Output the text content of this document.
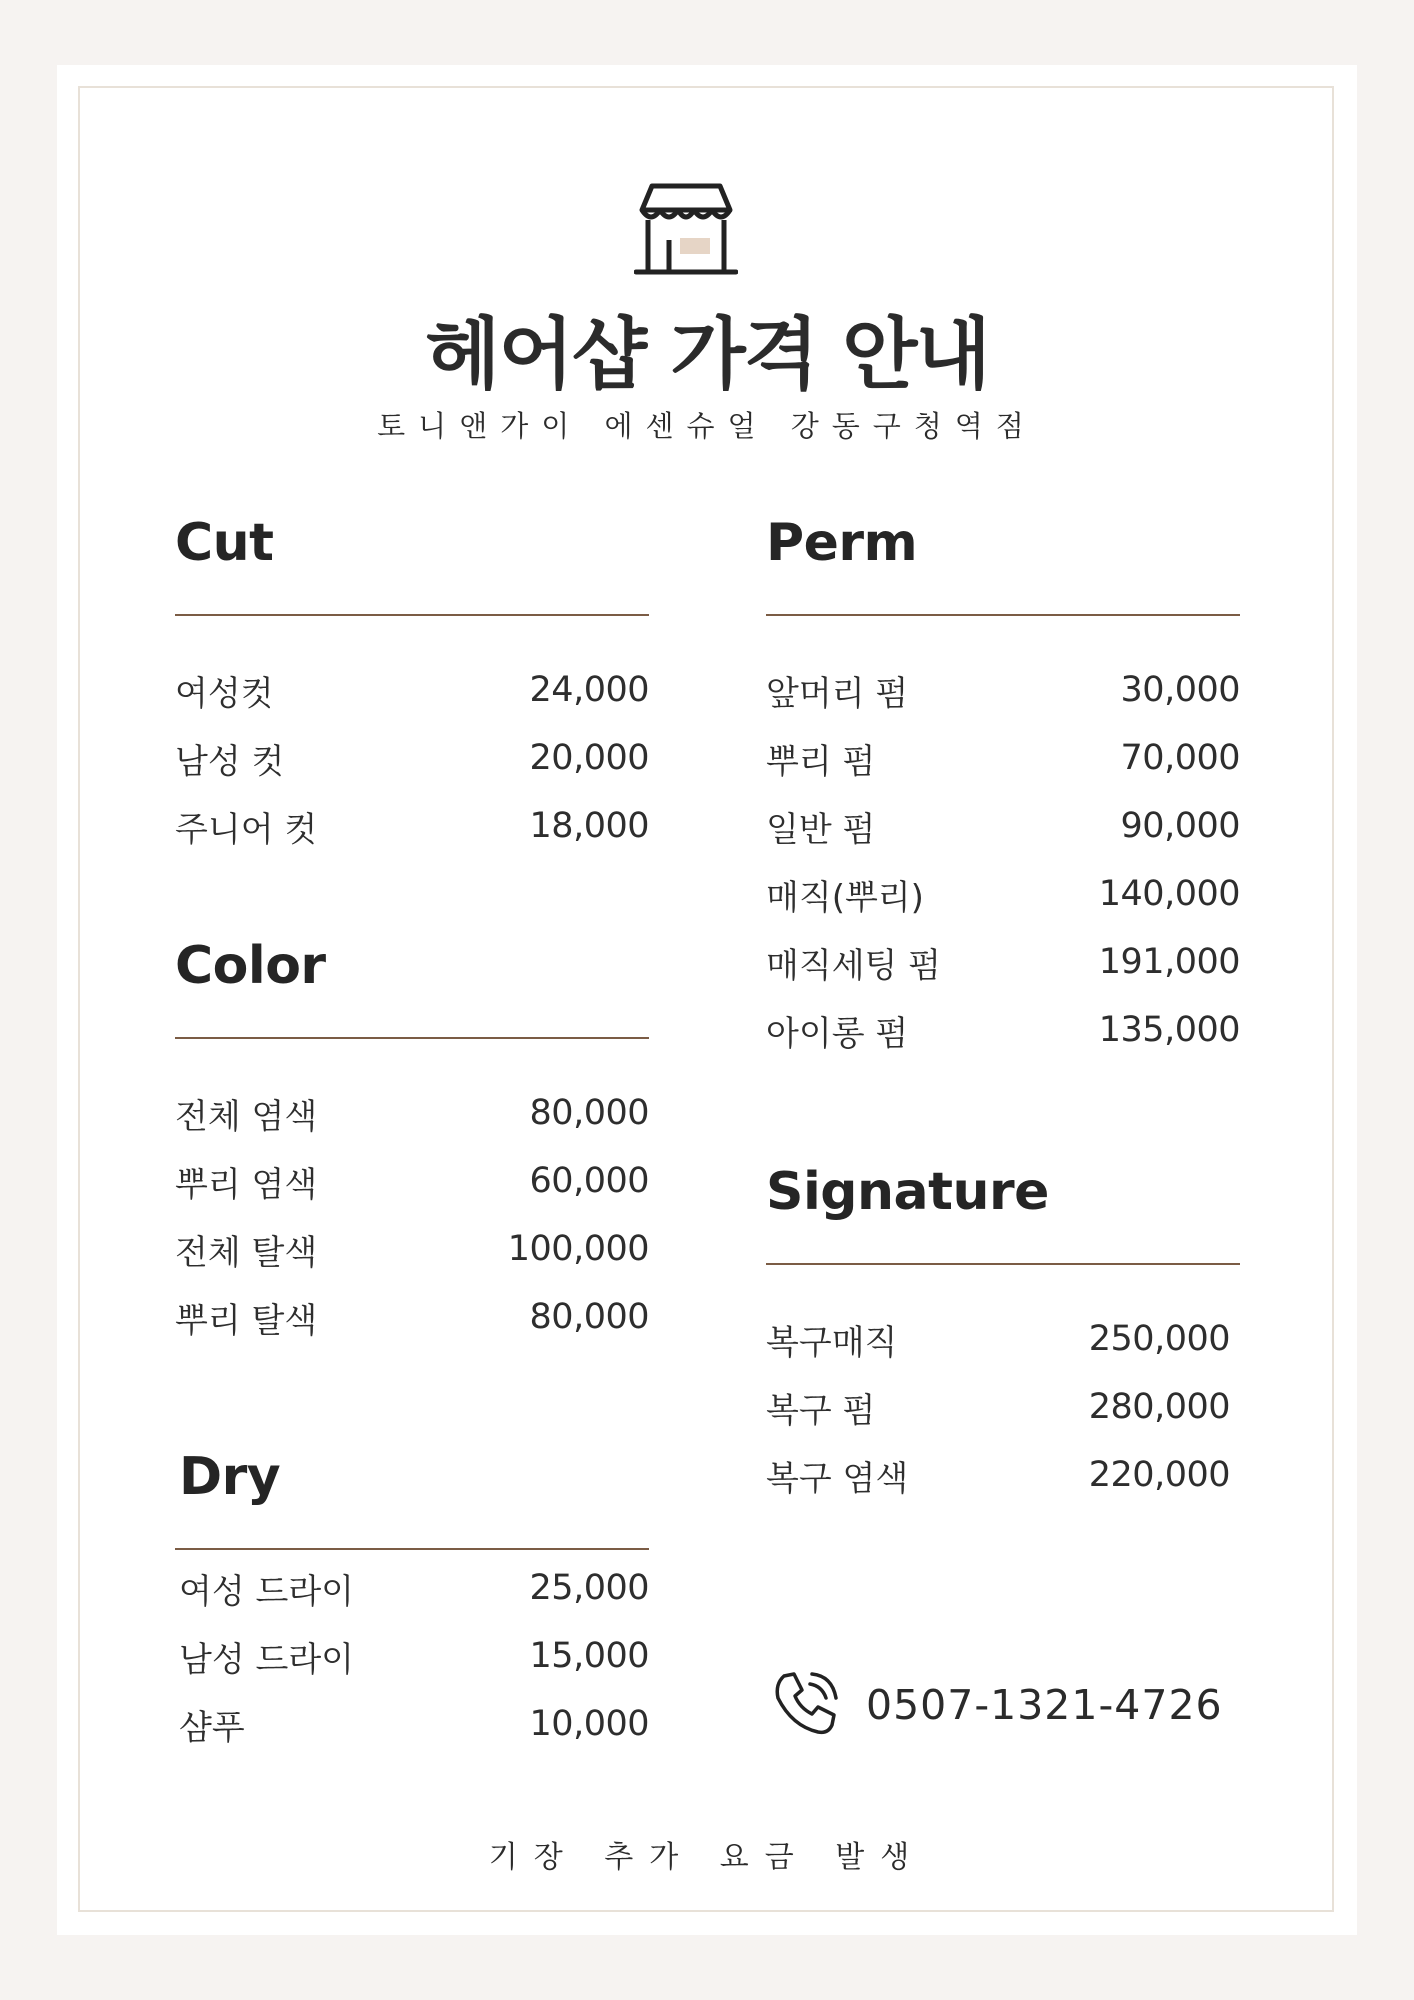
헤어샵 가격 안내
토니앤가이 에센슈얼 강동구청역점
Cut
여성컷	24,000
남성 컷	20,000
주니어 컷	18,000
Color
전체 염색	80,000
뿌리 염색	60,000
전체 탈색	100,000
뿌리 탈색	80,000
Dry
여성 드라이	25,000
남성 드라이	15,000
샴푸	10,000
Perm
앞머리 펌	30,000
뿌리 펌	70,000
일반 펌	90,000
매직(뿌리)	140,000
매직세팅 펌	191,000
아이롱 펌	135,000
Signature
복구매직	250,000
복구 펌	280,000
복구 염색	220,000
0507-1321-4726
기장 추가 요금 발생
